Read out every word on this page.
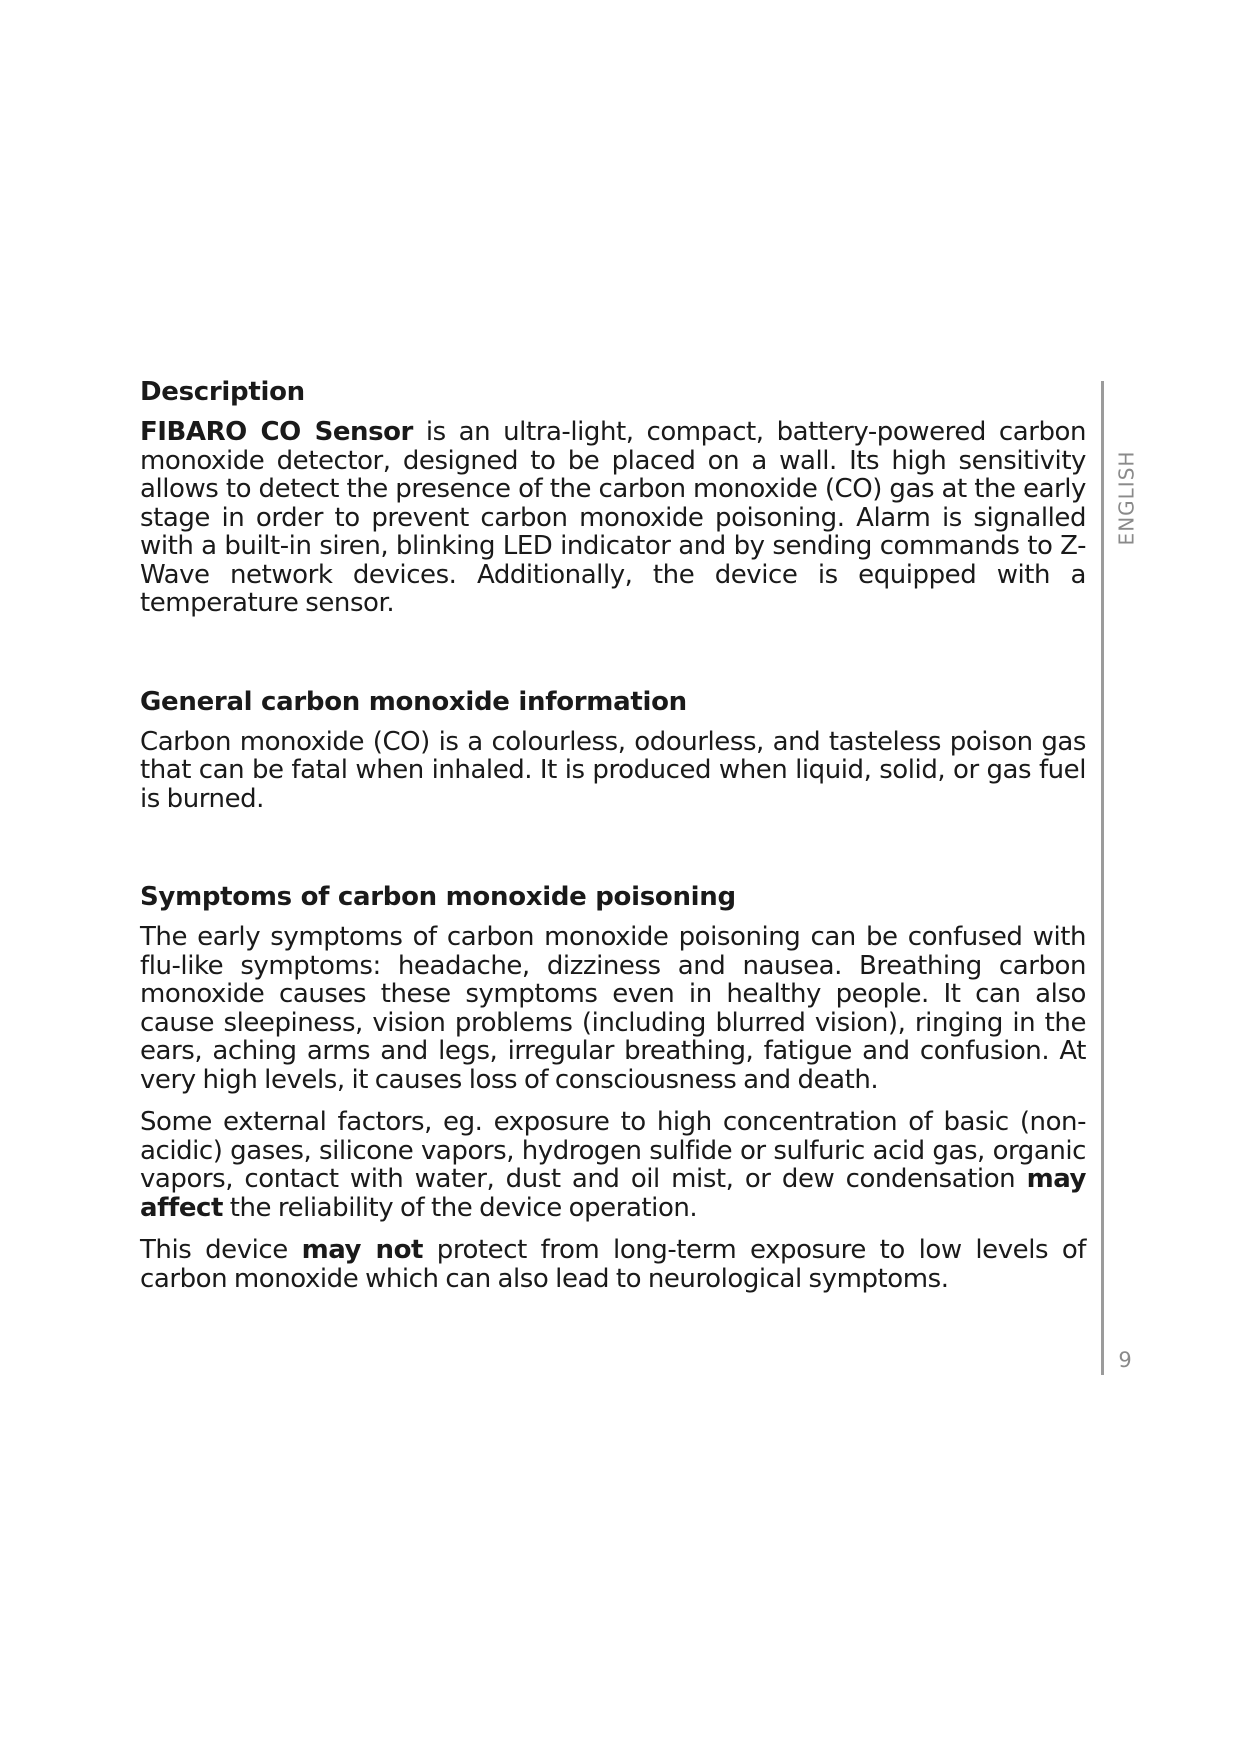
Description

FIBARO CO Sensor is an ultra-light, compact, battery-powered carbon monoxide detector, designed to be placed on a wall. Its high sensitivity allows to detect the presence of the carbon monoxide (CO) gas at the early stage in order to prevent carbon monoxide poisoning. Alarm is signalled with a built-in siren, blinking LED indicator and by sending commands to Z-Wave network devices. Additionally, the device is equipped with a temperature sensor.

General carbon monoxide information

Carbon monoxide (CO) is a colourless, odourless, and tasteless poison gas that can be fatal when inhaled. It is produced when liquid, solid, or gas fuel is burned.

Symptoms of carbon monoxide poisoning

The early symptoms of carbon monoxide poisoning can be confused with flu-like symptoms: headache, dizziness and nausea. Breathing carbon monoxide causes these symptoms even in healthy people. It can also cause sleepiness, vision problems (including blurred vision), ringing in the ears, aching arms and legs, irregular breathing, fatigue and confusion. At very high levels, it causes loss of consciousness and death.

Some external factors, eg. exposure to high concentration of basic (non-acidic) gases, silicone vapors, hydrogen sulfide or sulfuric acid gas, organic vapors, contact with water, dust and oil mist, or dew condensation may affect the reliability of the device operation.

This device may not protect from long-term exposure to low levels of carbon monoxide which can also lead to neurological symptoms.

ENGLISH
9
